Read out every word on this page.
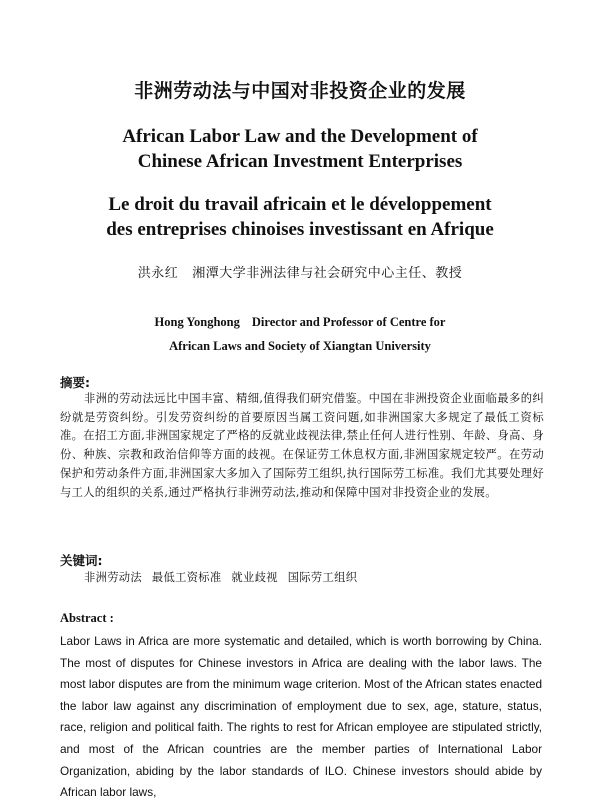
非洲劳动法与中国对非投资企业的发展
African Labor Law and the Development of
Chinese African Investment Enterprises
Le droit du travail africain et le développement
des entreprises chinoises investissant en Afrique
洪永红 湘潭大学非洲法律与社会研究中心主任、教授
Hong Yonghong Director and Professor of Centre for
African Laws and Society of Xiangtan University
摘要:
非洲的劳动法远比中国丰富、精细,值得我们研究借鉴。中国在非洲投资企业面临最多的纠纷就是劳资纠纷。引发劳资纠纷的首要原因当属工资问题,如非洲国家大多规定了最低工资标准。在招工方面,非洲国家规定了严格的反就业歧视法律,禁止任何人进行性别、年龄、身高、身份、种族、宗教和政治信仰等方面的歧视。在保证劳工休息权方面,非洲国家规定较严。在劳动保护和劳动条件方面,非洲国家大多加入了国际劳工组织,执行国际劳工标准。我们尤其要处理好与工人的组织的关系,通过严格执行非洲劳动法,推动和保障中国对非投资企业的发展。
关键词:
非洲劳动法 最低工资标准 就业歧视 国际劳工组织
Abstract :
Labor Laws in Africa are more systematic and detailed, which is worth borrowing by China. The most of disputes for Chinese investors in Africa are dealing with the labor laws. The most labor disputes are from the minimum wage criterion. Most of the African states enacted the labor law against any discrimination of employment due to sex, age, stature, status, race, religion and political faith. The rights to rest for African employee are stipulated strictly, and most of the African countries are the member parties of International Labor Organization, abiding by the labor standards of ILO. Chinese investors should abide by African labor laws,
